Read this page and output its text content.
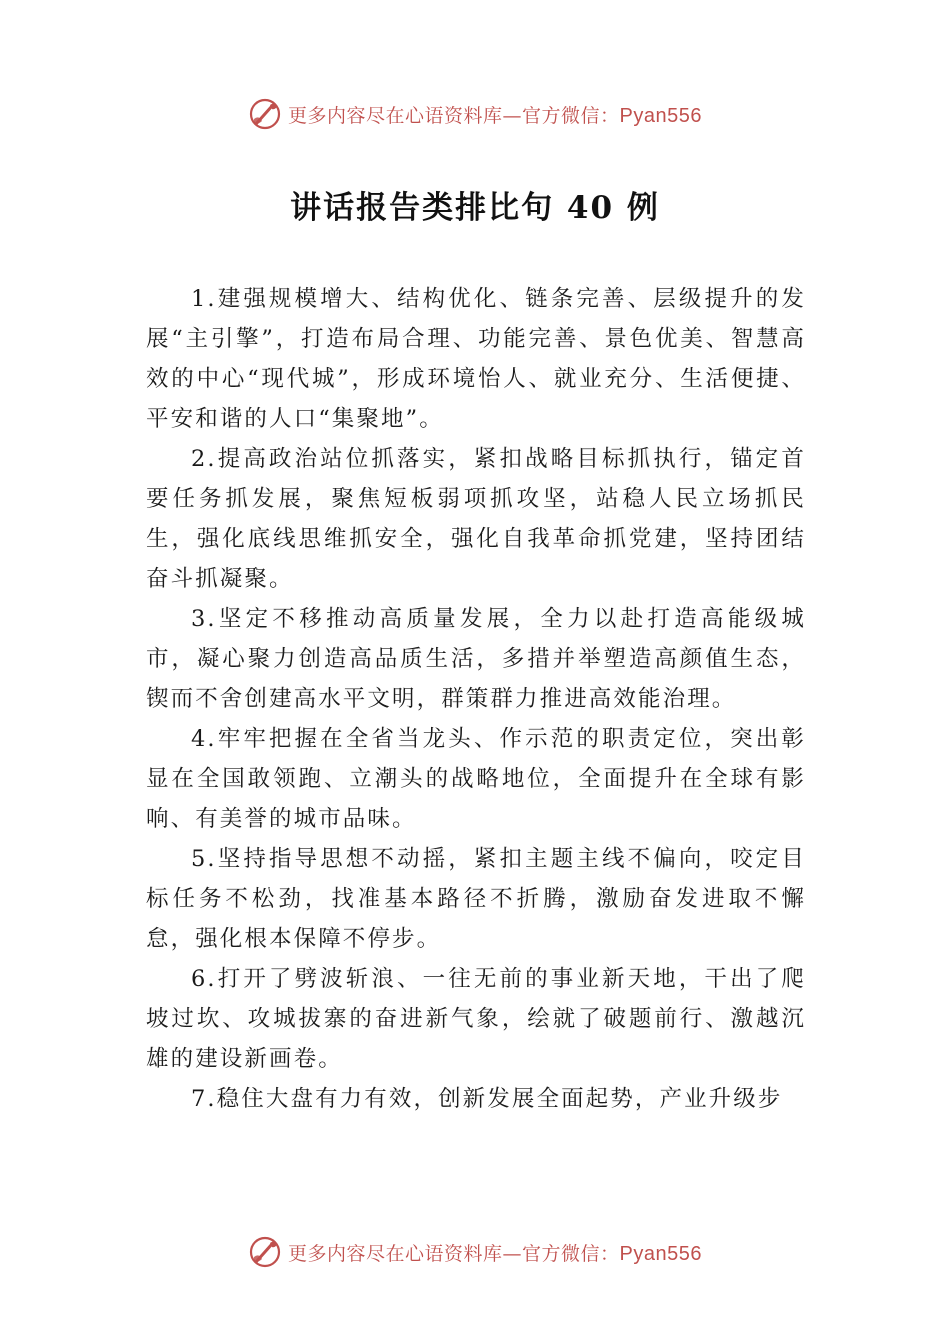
更多内容尽在心语资料库—官方微信：Pyan556
讲话报告类排比句 40 例

1.建强规模增大、结构优化、链条完善、层级提升的发展“主引擎”，打造布局合理、功能完善、景色优美、智慧高效的中心“现代城”，形成环境怡人、就业充分、生活便捷、平安和谐的人口“集聚地”。

2.提高政治站位抓落实，紧扣战略目标抓执行，锚定首要任务抓发展，聚焦短板弱项抓攻坚，站稳人民立场抓民生，强化底线思维抓安全，强化自我革命抓党建，坚持团结奋斗抓凝聚。

3.坚定不移推动高质量发展，全力以赴打造高能级城市，凝心聚力创造高品质生活，多措并举塑造高颜值生态，锲而不舍创建高水平文明，群策群力推进高效能治理。

4.牢牢把握在全省当龙头、作示范的职责定位，突出彰显在全国敢领跑、立潮头的战略地位，全面提升在全球有影响、有美誉的城市品味。

5.坚持指导思想不动摇，紧扣主题主线不偏向，咬定目标任务不松劲，找准基本路径不折腾，激励奋发进取不懈怠，强化根本保障不停步。

6.打开了劈波斩浪、一往无前的事业新天地，干出了爬坡过坎、攻城拔寨的奋进新气象，绘就了破题前行、激越沉雄的建设新画卷。

7.稳住大盘有力有效，创新发展全面起势，产业升级步

更多内容尽在心语资料库—官方微信：Pyan556
